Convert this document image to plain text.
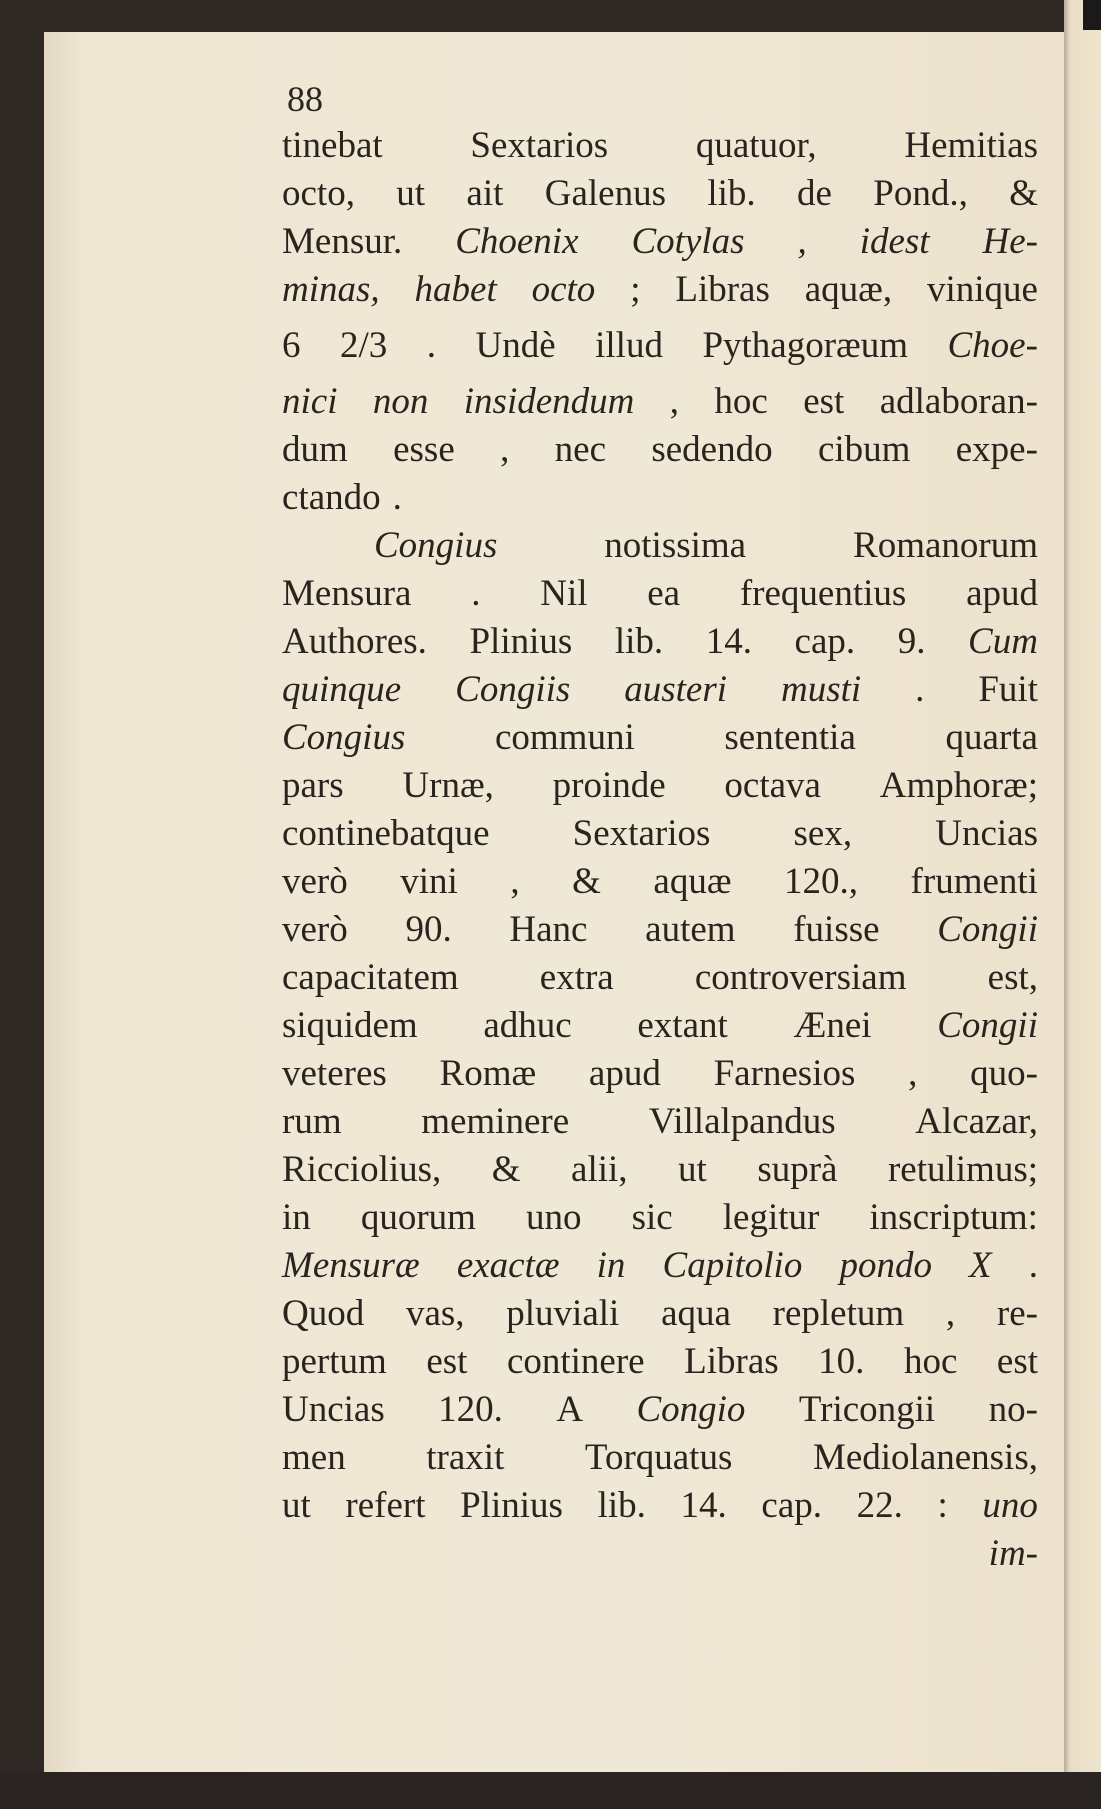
88
tinebat Sextarios quatuor, Hemitias
octo, ut ait Galenus lib. de Pond., &
Mensur. Choenix Cotylas , idest He-
minas, habet octo ; Libras aquæ, vinique
6 2/3 . Undè illud Pythagoræum Choe-
nici non insidendum , hoc est adlaboran-
dum esse , nec sedendo cibum expe-
ctando .
Congius	notissima	Romanorum
Mensura . Nil ea frequentius apud
Authores. Plinius lib. 14. cap. 9. Cum
quinque Congiis austeri musti . Fuit
Congius communi sententia quarta
pars Urnæ, proinde octava Amphoræ;
continebatque Sextarios sex, Uncias
verò vini , & aquæ 120., frumenti
verò 90. Hanc autem fuisse Congii
capacitatem extra controversiam est,
siquidem adhuc extant Ænei Congii
veteres Romæ apud Farnesios , quo-
rum meminere Villalpandus Alcazar,
Ricciolius, & alii, ut suprà retulimus;
in quorum uno sic legitur inscriptum:
Mensuræ exactæ in Capitolio pondo X .
Quod vas, pluviali aqua repletum , re-
pertum est continere Libras 10. hoc est
Uncias 120. A Congio Tricongii no-
men traxit Torquatus Mediolanensis,
ut refert Plinius lib. 14. cap. 22. : uno
im-
